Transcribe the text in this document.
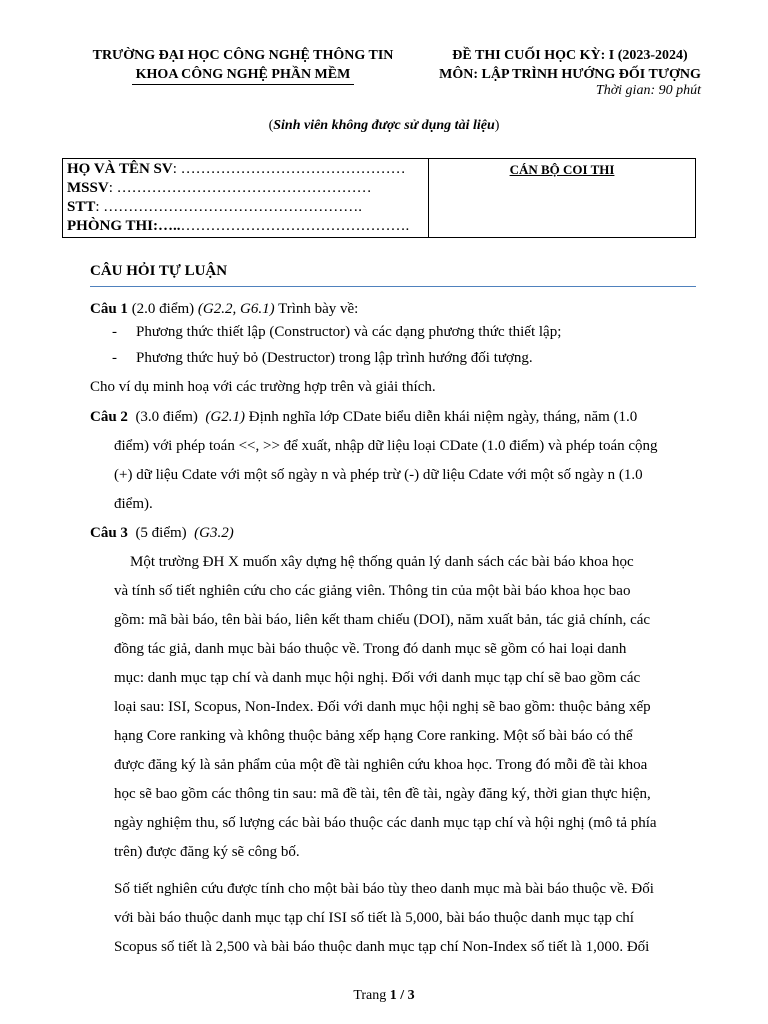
TRƯỜNG ĐẠI HỌC CÔNG NGHỆ THÔNG TIN
KHOA CÔNG NGHỆ PHẦN MỀM
ĐỀ THI CUỐI HỌC KỲ: I (2023-2024)
MÔN: LẬP TRÌNH HƯỚNG ĐỐI TƯỢNG
Thời gian: 90 phút
(Sinh viên không được sử dụng tài liệu)
HỌ VÀ TÊN SV: ………………………………………
MSSV: ……………………………………………
STT: …………………………………………….
PHÒNG THI:…..……………………………………….
CÁN BỘ COI THI
CÂU HỎI TỰ LUẬN
Câu 1 (2.0 điểm) (G2.2, G6.1) Trình bày về:
- Phương thức thiết lập (Constructor) và các dạng phương thức thiết lập;
- Phương thức huỷ bỏ (Destructor) trong lập trình hướng đối tượng.
Cho ví dụ minh hoạ với các trường hợp trên và giải thích.
Câu 2 (3.0 điểm) (G2.1) Định nghĩa lớp CDate biểu diễn khái niệm ngày, tháng, năm (1.0
điểm) với phép toán <<, >> để xuất, nhập dữ liệu loại CDate (1.0 điểm) và phép toán cộng
(+) dữ liệu Cdate với một số ngày n và phép trừ (-) dữ liệu Cdate với một số ngày n (1.0
điểm).
Câu 3 (5 điểm) (G3.2)
Một trường ĐH X muốn xây dựng hệ thống quản lý danh sách các bài báo khoa học
và tính số tiết nghiên cứu cho các giảng viên. Thông tin của một bài báo khoa học bao
gồm: mã bài báo, tên bài báo, liên kết tham chiếu (DOI), năm xuất bản, tác giả chính, các
đồng tác giả, danh mục bài báo thuộc về. Trong đó danh mục sẽ gồm có hai loại danh
mục: danh mục tạp chí và danh mục hội nghị. Đối với danh mục tạp chí sẽ bao gồm các
loại sau: ISI, Scopus, Non-Index. Đối với danh mục hội nghị sẽ bao gồm: thuộc bảng xếp
hạng Core ranking và không thuộc bảng xếp hạng Core ranking. Một số bài báo có thể
được đăng ký là sản phẩm của một đề tài nghiên cứu khoa học. Trong đó mỗi đề tài khoa
học sẽ bao gồm các thông tin sau: mã đề tài, tên đề tài, ngày đăng ký, thời gian thực hiện,
ngày nghiệm thu, số lượng các bài báo thuộc các danh mục tạp chí và hội nghị (mô tả phía
trên) được đăng ký sẽ công bố.
Số tiết nghiên cứu được tính cho một bài báo tùy theo danh mục mà bài báo thuộc về. Đối
với bài báo thuộc danh mục tạp chí ISI số tiết là 5,000, bài báo thuộc danh mục tạp chí
Scopus số tiết là 2,500 và bài báo thuộc danh mục tạp chí Non-Index số tiết là 1,000. Đối
Trang 1 / 3
